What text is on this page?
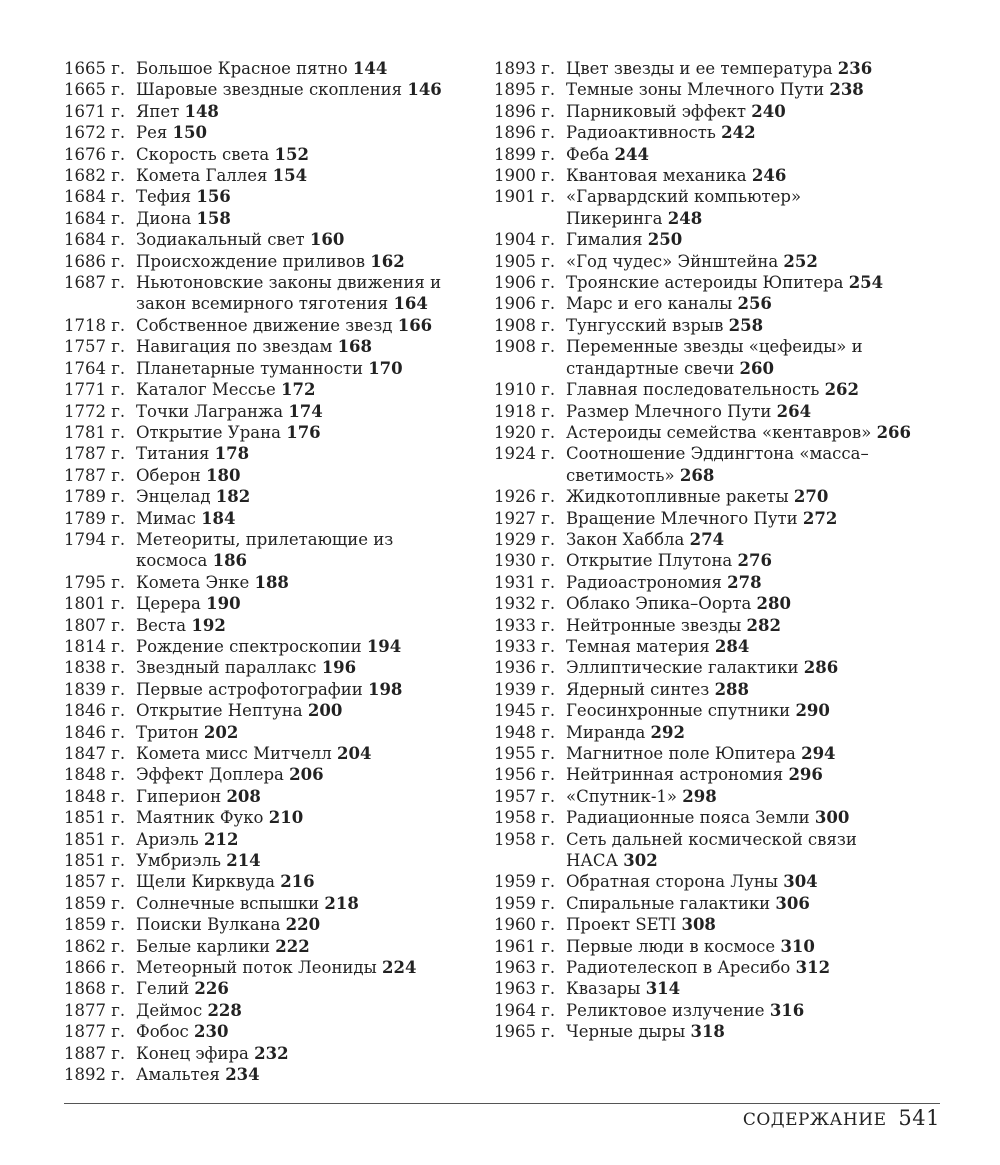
1665 г. Большое Красное пятно 144
1665 г. Шаровые звездные скопления 146
1671 г. Япет 148
1672 г. Рея 150
1676 г. Скорость света 152
1682 г. Комета Галлея 154
1684 г. Тефия 156
1684 г. Диона 158
1684 г. Зодиакальный свет 160
1686 г. Происхождение приливов 162
1687 г. Ньютоновские законы движения и закон всемирного тяготения 164
1718 г. Собственное движение звезд 166
1757 г. Навигация по звездам 168
1764 г. Планетарные туманности 170
1771 г. Каталог Мессье 172
1772 г. Точки Лагранжа 174
1781 г. Открытие Урана 176
1787 г. Титания 178
1787 г. Оберон 180
1789 г. Энцелад 182
1789 г. Мимас 184
1794 г. Метеориты, прилетающие из космоса 186
1795 г. Комета Энке 188
1801 г. Церера 190
1807 г. Веста 192
1814 г. Рождение спектроскопии 194
1838 г. Звездный параллакс 196
1839 г. Первые астрофотографии 198
1846 г. Открытие Нептуна 200
1846 г. Тритон 202
1847 г. Комета мисс Митчелл 204
1848 г. Эффект Доплера 206
1848 г. Гиперион 208
1851 г. Маятник Фуко 210
1851 г. Ариэль 212
1851 г. Умбриэль 214
1857 г. Щели Кирквуда 216
1859 г. Солнечные вспышки 218
1859 г. Поиски Вулкана 220
1862 г. Белые карлики 222
1866 г. Метеорный поток Леониды 224
1868 г. Гелий 226
1877 г. Деймос 228
1877 г. Фобос 230
1887 г. Конец эфира 232
1892 г. Амальтея 234
1893 г. Цвет звезды и ее температура 236
1895 г. Темные зоны Млечного Пути 238
1896 г. Парниковый эффект 240
1896 г. Радиоактивность 242
1899 г. Феба 244
1900 г. Квантовая механика 246
1901 г. «Гарвардский компьютер» Пикеринга 248
1904 г. Гималия 250
1905 г. «Год чудес» Эйнштейна 252
1906 г. Троянские астероиды Юпитера 254
1906 г. Марс и его каналы 256
1908 г. Тунгусский взрыв 258
1908 г. Переменные звезды «цефеиды» и стандартные свечи 260
1910 г. Главная последовательность 262
1918 г. Размер Млечного Пути 264
1920 г. Астероиды семейства «кентавров» 266
1924 г. Соотношение Эддингтона «масса–светимость» 268
1926 г. Жидкотопливные ракеты 270
1927 г. Вращение Млечного Пути 272
1929 г. Закон Хаббла 274
1930 г. Открытие Плутона 276
1931 г. Радиоастрономия 278
1932 г. Облако Эпика–Оорта 280
1933 г. Нейтронные звезды 282
1933 г. Темная материя 284
1936 г. Эллиптические галактики 286
1939 г. Ядерный синтез 288
1945 г. Геосинхронные спутники 290
1948 г. Миранда 292
1955 г. Магнитное поле Юпитера 294
1956 г. Нейтринная астрономия 296
1957 г. «Спутник-1» 298
1958 г. Радиационные пояса Земли 300
1958 г. Сеть дальней космической связи НАСА 302
1959 г. Обратная сторона Луны 304
1959 г. Спиральные галактики 306
1960 г. Проект SETI 308
1961 г. Первые люди в космосе 310
1963 г. Радиотелескоп в Аресибо 312
1963 г. Квазары 314
1964 г. Реликтовое излучение 316
1965 г. Черные дыры 318
СОДЕРЖАНИЕ 541
